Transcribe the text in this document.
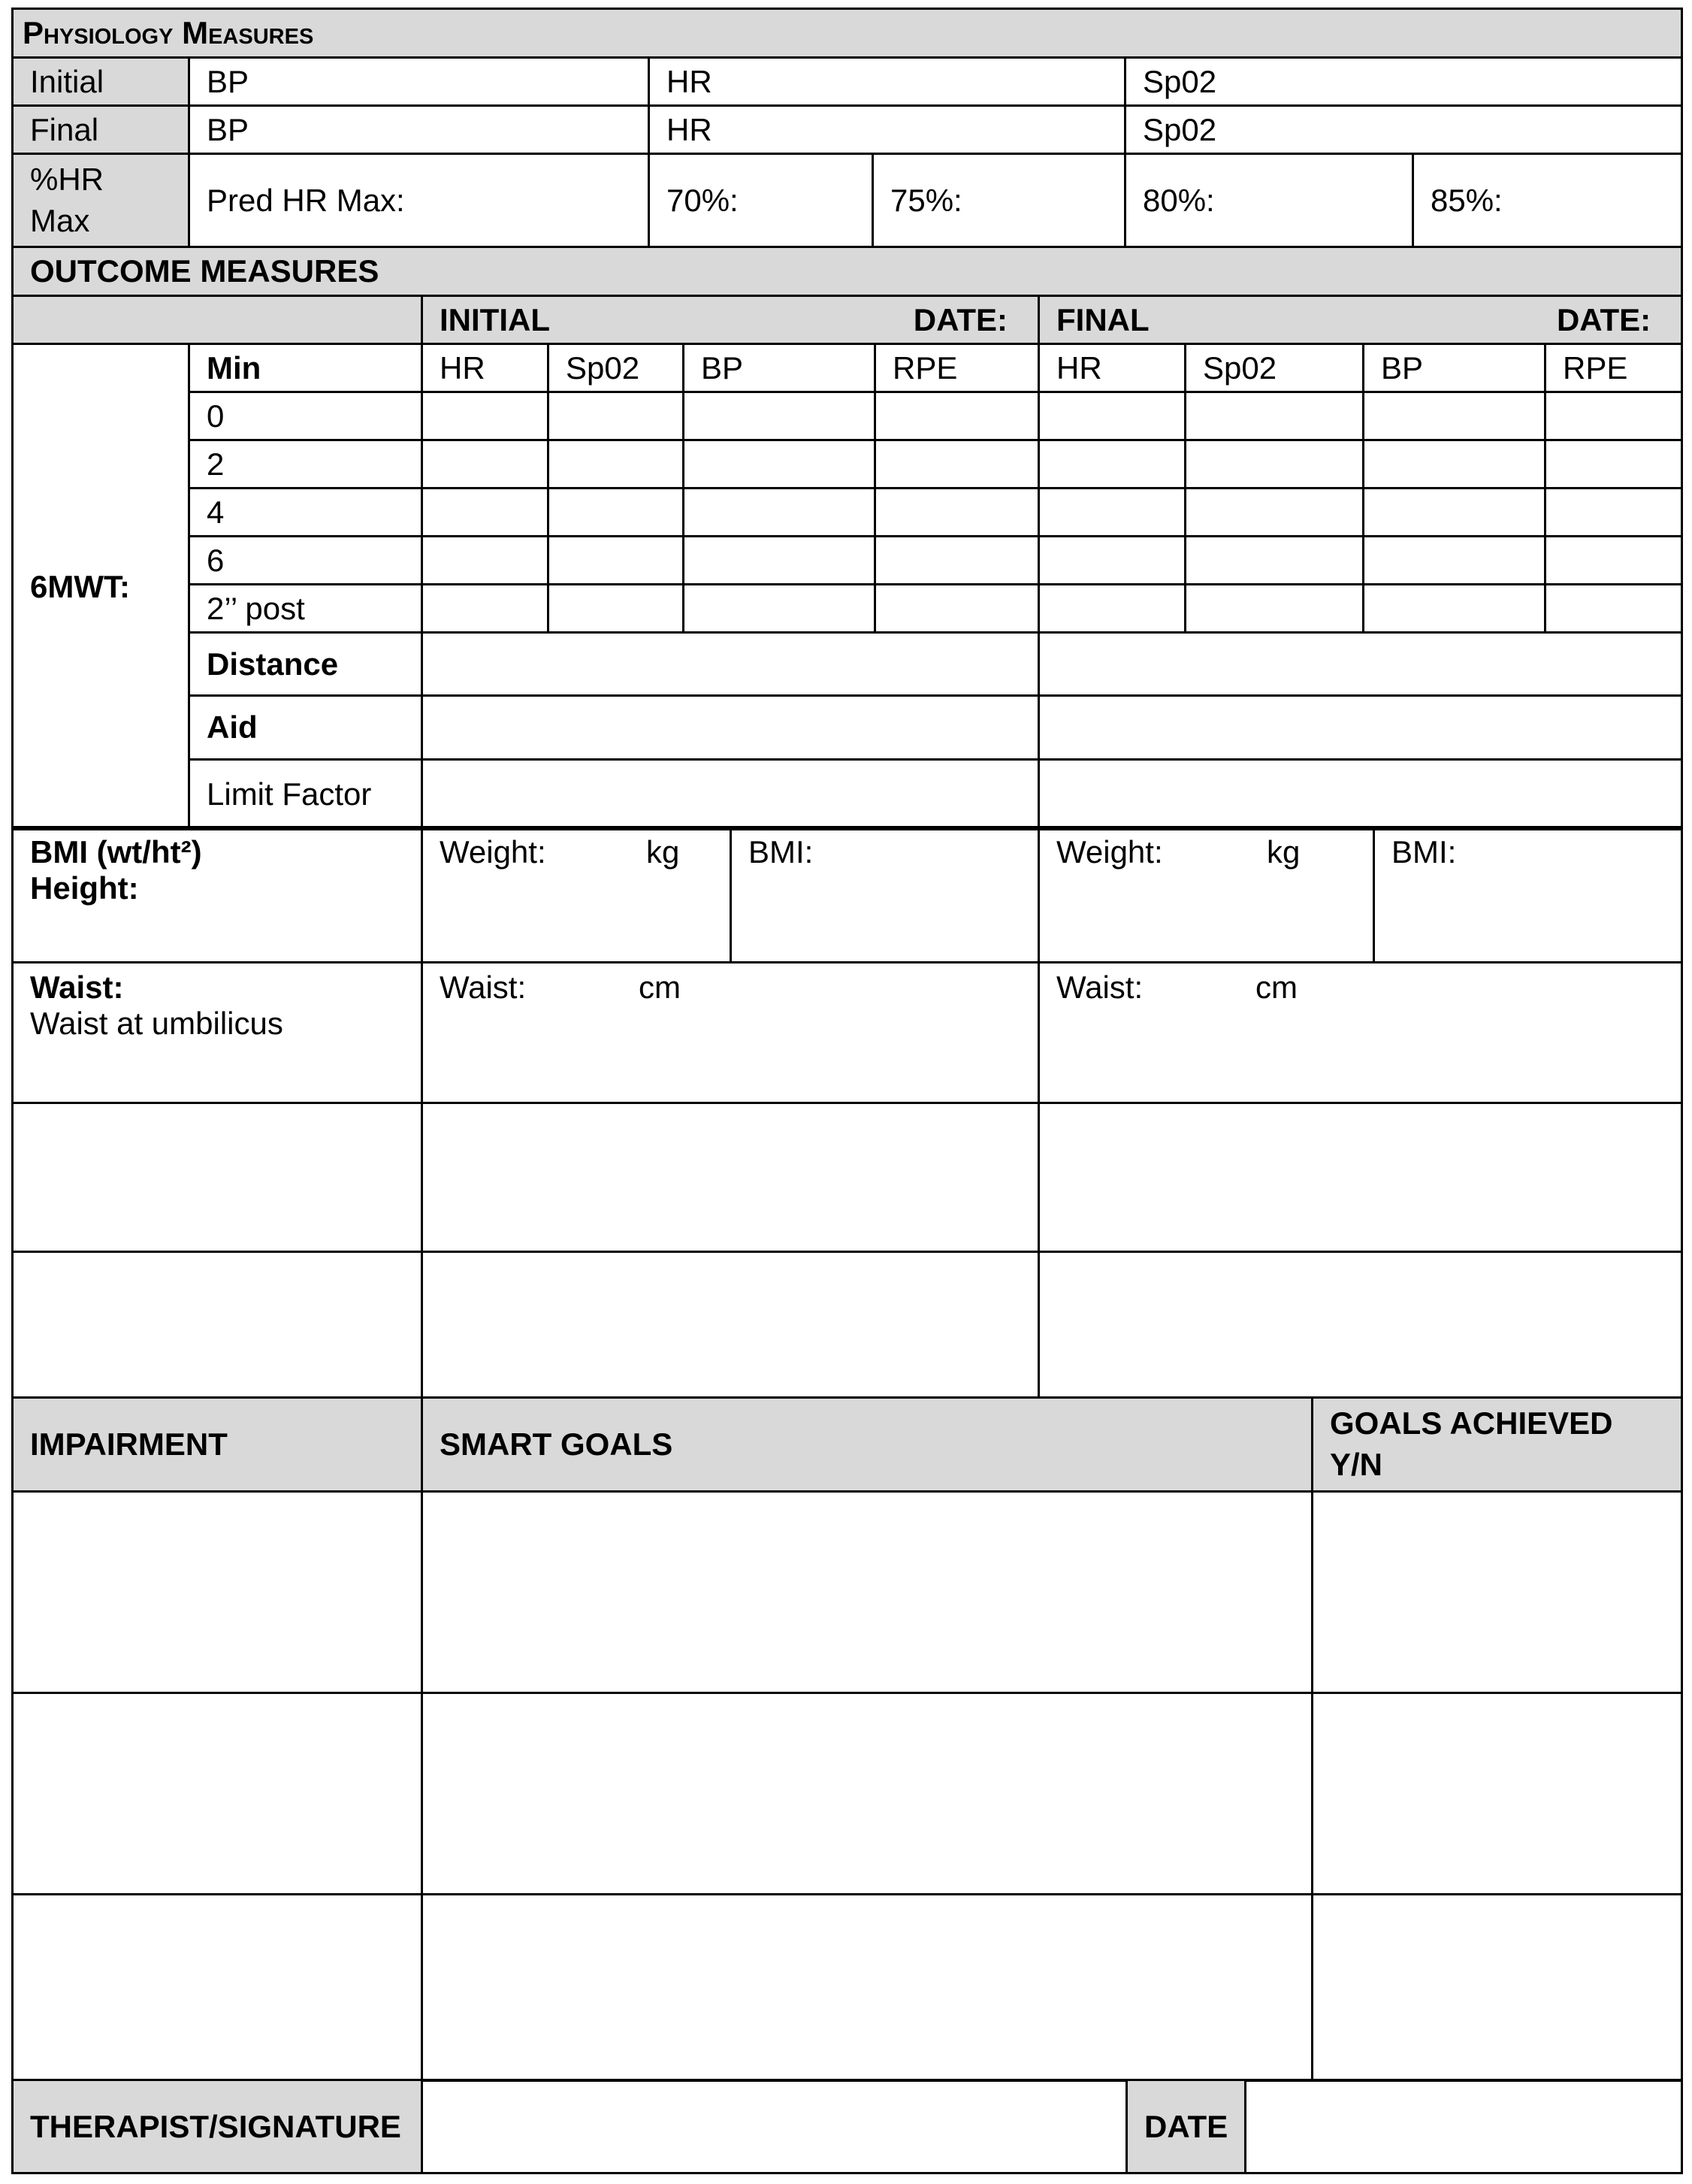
Physiology Measures					
Initial	BP	HR		Sp02	
Final	BP	HR		Sp02	
%HR Max	Pred HR Max:	70%:	75%:	80%:	85%:
OUTCOME MEASURES									

		INITIAL DATE:				FINAL DATE:			

6MWT:	Min	HR	Sp02	BP	RPE	HR	Sp02	BP	RPE
	0								
	2								
	4								
	6								
	2’’ post								
	Distance								
	Aid								
	Limit Factor								
BMI (wt/ht²)
Height:	Weight: kg	BMI:	Weight: kg	BMI:

Waist:
Waist at umbilicus	Waist: cm		Waist: cm	

IMPAIRMENT	SMART GOALS	GOALS ACHIEVED Y/N

THERAPIST/SIGNATURE		DATE	
